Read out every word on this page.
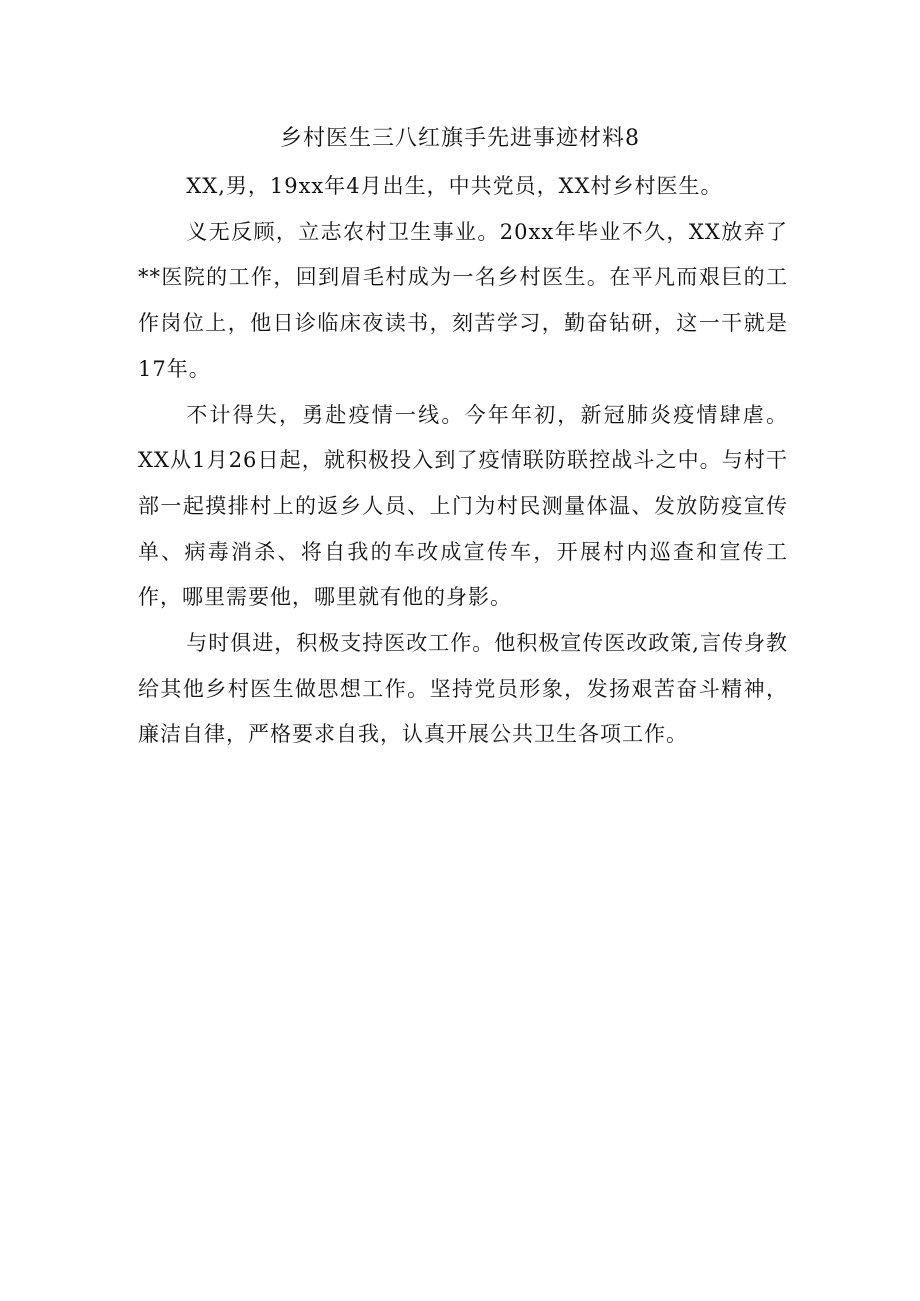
乡村医生三八红旗手先进事迹材料8

XX,男，19xx年4月出生，中共党员，XX村乡村医生。

义无反顾，立志农村卫生事业。20xx年毕业不久，XX放弃了**医院的工作，回到眉毛村成为一名乡村医生。在平凡而艰巨的工作岗位上，他日诊临床夜读书，刻苦学习，勤奋钻研，这一干就是17年。

不计得失，勇赴疫情一线。今年年初，新冠肺炎疫情肆虐。XX从1月26日起，就积极投入到了疫情联防联控战斗之中。与村干部一起摸排村上的返乡人员、上门为村民测量体温、发放防疫宣传单、病毒消杀、将自我的车改成宣传车，开展村内巡查和宣传工作，哪里需要他，哪里就有他的身影。

与时俱进，积极支持医改工作。他积极宣传医改政策,言传身教给其他乡村医生做思想工作。坚持党员形象，发扬艰苦奋斗精神，廉洁自律，严格要求自我，认真开展公共卫生各项工作。
